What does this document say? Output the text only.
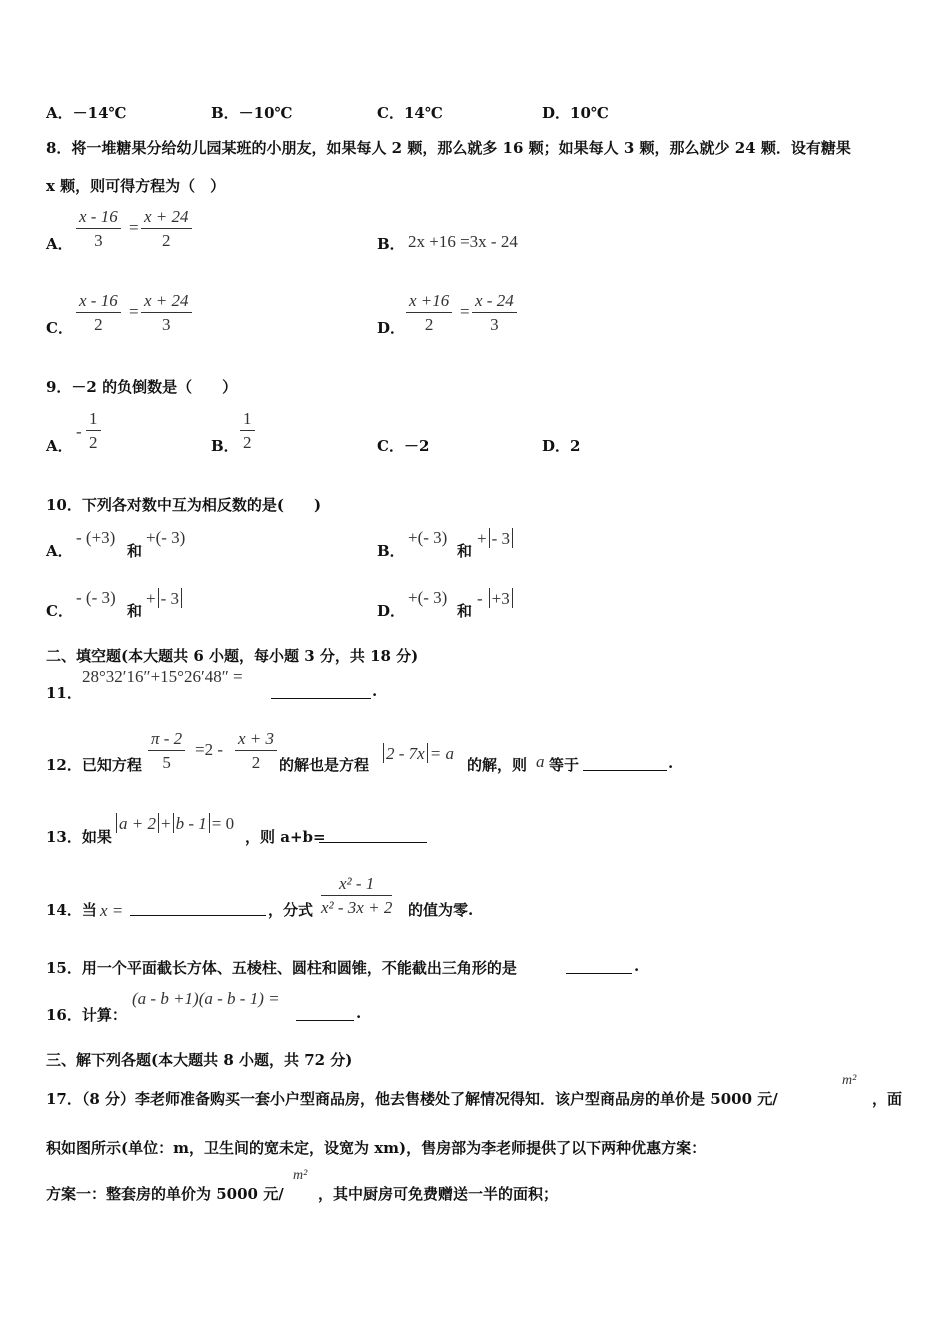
A．－14℃	B．－10℃	C．14℃	D．10℃
8．将一堆糖果分给幼儿园某班的小朋友，如果每人 2 颗，那么就多 16 颗；如果每人 3 颗，那么就少 24 颗．设有糖果
x 颗，则可得方程为（　）
A． $\frac{x - 16}{3} = \frac{x + 24}{2}$	B． 2x +16 =3x - 24
C． $\frac{x - 16}{2} = \frac{x + 24}{3}$	D． $\frac{x +16}{2} = \frac{x - 24}{3}$
9．－2 的负倒数是（　　）
A．
- $\frac{1}{2}$	B． $\frac{1}{2}$	C．－2	D．2
10．下列各对数中互为相反数的是(　　)
A．
- (+3)
和
+(- 3)
B．
+(- 3)
和
+ - 3
C．
- (- 3)
和
+ - 3
D．
+(- 3)
和
- +3
二、填空题(本大题共 6 小题，每小题 3 分，共 18 分)
11．
28°32′16″+15°26′48″ =
.
12．已知方程 $\frac{\pi - 2}{5} =2 - \frac{x + 3}{2}$ 的解也是方程
2 - 7x = a
的解，则 a 等于	.
13．如果
a + 2 + b - 1 = 0
，则 a+b=
14．当 x =	，分式 $\frac{\text{x² - 1}}{\text{x² - 3x + 2}}$ 的值为零.
15．用一个平面截长方体、五棱柱、圆柱和圆锥，不能截出三角形的是	.
16．计算：
(a - b +1)(a - b - 1) =
.
三、解下列各题(本大题共 8 小题，共 72 分)
17．（8 分）李老师准备购买一套小户型商品房，他去售楼处了解情况得知．该户型商品房的单价是 5000 元/
m²
，面
积如图所示(单位：m，卫生间的宽未定，设宽为 xm)，售房部为李老师提供了以下两种优惠方案：
方案一：整套房的单价为 5000 元/
m²
，其中厨房可免费赠送一半的面积；
